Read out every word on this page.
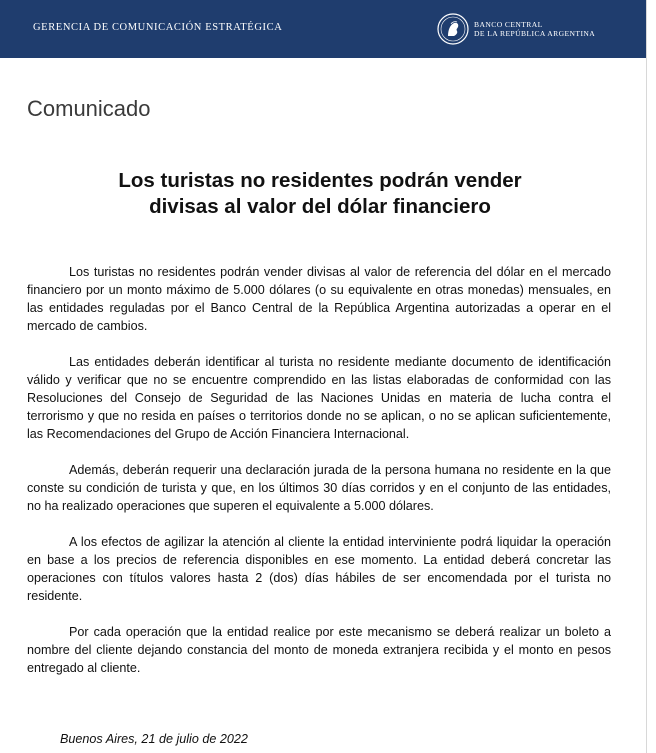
GERENCIA DE COMUNICACIÓN ESTRATÉGICA	BANCO CENTRAL
DE LA REPÚBLICA ARGENTINA
Comunicado
Los turistas no residentes podrán vender
divisas al valor del dólar financiero

Los turistas no residentes podrán vender divisas al valor de referencia del dólar en el mercado financiero por un monto máximo de 5.000 dólares (o su equivalente en otras monedas) mensuales, en las entidades reguladas por el Banco Central de la República Argentina autorizadas a operar en el mercado de cambios.

Las entidades deberán identificar al turista no residente mediante documento de identificación válido y verificar que no se encuentre comprendido en las listas elaboradas de conformidad con las Resoluciones del Consejo de Seguridad de las Naciones Unidas en materia de lucha contra el terrorismo y que no resida en países o territorios donde no se aplican, o no se aplican suficientemente, las Recomendaciones del Grupo de Acción Financiera Internacional.

Además, deberán requerir una declaración jurada de la persona humana no residente en la que conste su condición de turista y que, en los últimos 30 días corridos y en el conjunto de las entidades, no ha realizado operaciones que superen el equivalente a 5.000 dólares.

A los efectos de agilizar la atención al cliente la entidad interviniente podrá liquidar la operación en base a los precios de referencia disponibles en ese momento. La entidad deberá concretar las operaciones con títulos valores hasta 2 (dos) días hábiles de ser encomendada por el turista no residente.

Por cada operación que la entidad realice por este mecanismo se deberá realizar un boleto a nombre del cliente dejando constancia del monto de moneda extranjera recibida y el monto en pesos entregado al cliente.

Buenos Aires, 21 de julio de 2022
